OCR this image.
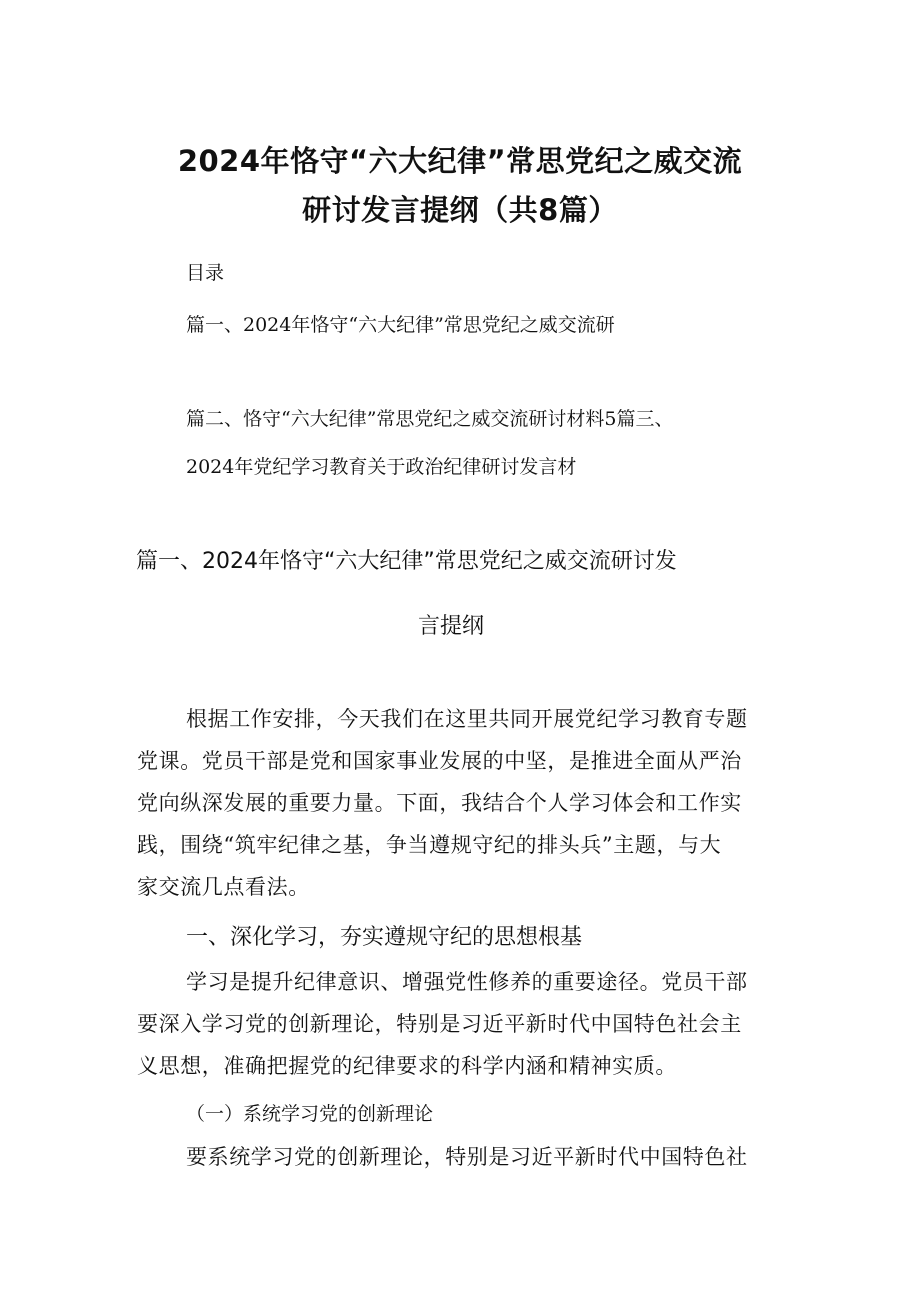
2024年恪守“六大纪律”常思党纪之威交流
研讨发言提纲（共8篇）

目录

篇一、2024年恪守“六大纪律”常思党纪之威交流研

篇二、恪守“六大纪律”常思党纪之威交流研讨材料5篇三、

2024年党纪学习教育关于政治纪律研讨发言材

篇一、2024年恪守“六大纪律”常思党纪之威交流研讨发
言提纲

根据工作安排，今天我们在这里共同开展党纪学习教育专题

党课。党员干部是党和国家事业发展的中坚，是推进全面从严治

党向纵深发展的重要力量。下面，我结合个人学习体会和工作实

践，围绕“筑牢纪律之基，争当遵规守纪的排头兵”主题，与大

家交流几点看法。

一、深化学习，夯实遵规守纪的思想根基

学习是提升纪律意识、增强党性修养的重要途径。党员干部

要深入学习党的创新理论，特别是习近平新时代中国特色社会主

义思想，准确把握党的纪律要求的科学内涵和精神实质。

（一）系统学习党的创新理论

要系统学习党的创新理论，特别是习近平新时代中国特色社
